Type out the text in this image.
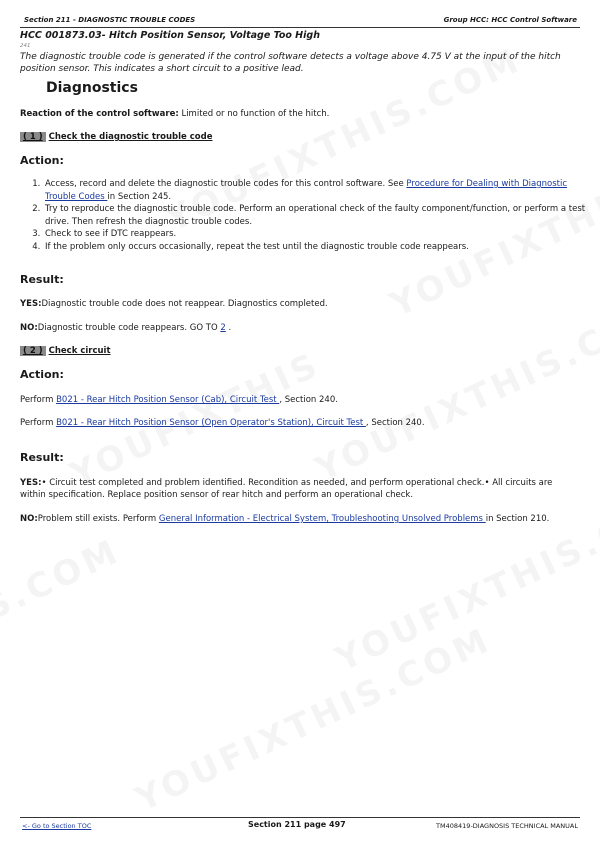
Section 211 - DIAGNOSTIC TROUBLE CODES	Group HCC: HCC Control Software
HCC 001873.03- Hitch Position Sensor, Voltage Too High
241
The diagnostic trouble code is generated if the control software detects a voltage above 4.75 V at the input of the hitch position sensor. This indicates a short circuit to a positive lead.
Diagnostics
Reaction of the control software: Limited or no function of the hitch.
( 1 ) Check the diagnostic trouble code
Action:
1. Access, record and delete the diagnostic trouble codes for this control software. See Procedure for Dealing with Diagnostic Trouble Codes in Section 245.
2. Try to reproduce the diagnostic trouble code. Perform an operational check of the faulty component/function, or perform a test drive. Then refresh the diagnostic trouble codes.
3. Check to see if DTC reappears.
4. If the problem only occurs occasionally, repeat the test until the diagnostic trouble code reappears.
Result:
YES:Diagnostic trouble code does not reappear. Diagnostics completed.
NO:Diagnostic trouble code reappears. GO TO 2 .
( 2 ) Check circuit
Action:
Perform B021 - Rear Hitch Position Sensor (Cab), Circuit Test , Section 240.
Perform B021 - Rear Hitch Position Sensor (Open Operator's Station), Circuit Test , Section 240.
Result:
YES:• Circuit test completed and problem identified. Recondition as needed, and perform operational check.• All circuits are within specification. Replace position sensor of rear hitch and perform an operational check.
NO:Problem still exists. Perform General Information - Electrical System, Troubleshooting Unsolved Problems in Section 210.
<- Go to Section TOC	Section 211 page 497	TM408419-DIAGNOSIS TECHNICAL MANUAL
